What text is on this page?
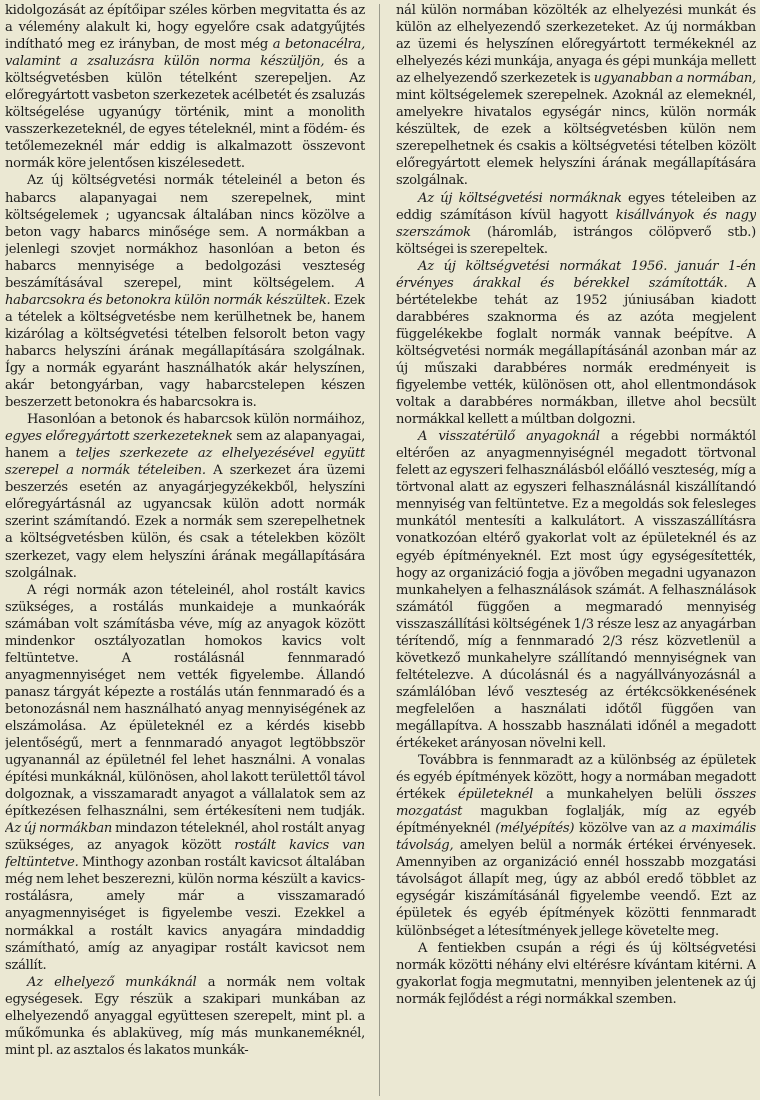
kidolgozását az építőipar széles körben megvitatta és az a vélemény alakult ki, hogy egyelőre csak adatgyűjtés indítható meg ez irányban, de most még a betonacélra, valamint a zsaluzásra külön norma készüljön, és a költségvetésben külön tételként szerepeljen. Az előregyártott vasbeton szerkezetek acélbetét és zsaluzás költségelése ugyanúgy történik, mint a monolith vasszerkezeteknél, de egyes tételeknél, mint a födém- és tetőlemezeknél már eddig is alkalmazott összevont normák köre jelentősen kiszélesedett.

Az új költségvetési normák tételeinél a beton és habarcs alapanyagai nem szerepelnek, mint költségelemek ; ugyancsak általában nincs közölve a beton vagy habarcs minősége sem. A normákban a jelenlegi szovjet normákhoz hasonlóan a beton és habarcs mennyisége a bedolgozási veszteség beszámításával szerepel, mint költségelem. A habarcsokra és betonokra külön normák készültek. Ezek a tételek a költségvetésbe nem kerülhetnek be, hanem kizárólag a költségvetési tételben felsorolt beton vagy habarcs helyszíni árának megállapítására szolgálnak. Így a normák egyaránt használhatók akár helyszínen, akár betongyárban, vagy habarcstelepen készen beszerzett betonokra és habarcsokra is.

Hasonlóan a betonok és habarcsok külön normáihoz, egyes előregyártott szerkezeteknek sem az alapanyagai, hanem a teljes szerkezete az elhelyezésével együtt szerepel a normák tételeiben. A szerkezet ára üzemi beszerzés esetén az anyagárjegyzékekből, helyszíni előregyártásnál az ugyancsak külön adott normák szerint számítandó. Ezek a normák sem szerepelhetnek a költségvetésben külön, és csak a tételekben közölt szerkezet, vagy elem helyszíni árának megállapítására szolgálnak.

A régi normák azon tételeinél, ahol rostált kavics szükséges, a rostálás munkaideje a munkaórák számában volt számításba véve, míg az anyagok között mindenkor osztályozatlan homokos kavics volt feltüntetve. A rostálásnál fennmaradó anyagmennyiséget nem vették figyelembe. Állandó panasz tárgyát képezte a rostálás után fennmaradó és a betonozásnál nem használható anyag mennyiségének az elszámolása. Az épületeknél ez a kérdés kisebb jelentőségű, mert a fennmaradó anyagot legtöbbször ugyanannál az épületnél fel lehet használni. A vonalas építési munkáknál, különösen, ahol lakott területtől távol dolgoznak, a visszamaradt anyagot a vállalatok sem az építkezésen felhasználni, sem értékesíteni nem tudják. Az új normákban mindazon tételeknél, ahol rostált anyag szükséges, az anyagok között rostált kavics van feltüntetve. Minthogy azonban rostált kavicsot általában még nem lehet beszerezni, külön norma készült a kavics-rostálásra, amely már a visszamaradó anyagmennyiséget is figyelembe veszi. Ezekkel a normákkal a rostált kavics anyagára mindaddig számítható, amíg az anyagipar rostált kavicsot nem szállít.

Az elhelyező munkáknál a normák nem voltak egységesek. Egy részük a szakipari munkában az elhelyezendő anyaggal együttesen szerepelt, mint pl. a műkőmunka és ablaküveg, míg más munkaneméknél, mint pl. az asztalos és lakatos munkák-

nál külön normában közölték az elhelyezési munkát és külön az elhelyezendő szerkezeteket. Az új normákban az üzemi és helyszínen előregyártott termékeknél az elhelyezés kézi munkája, anyaga és gépi munkája mellett az elhelyezendő szerkezetek is ugyanabban a normában, mint költségelemek szerepelnek. Azoknál az elemeknél, amelyekre hivatalos egységár nincs, külön normák készültek, de ezek a költségvetésben külön nem szerepelhetnek és csakis a költségvetési tételben közölt előregyártott elemek helyszíni árának megállapítására szolgálnak.

Az új költségvetési normáknak egyes tételeiben az eddig számításon kívül hagyott kisállványok és nagy szerszámok (háromláb, istrángos cölöpverő stb.) költségei is szerepeltek.

Az új költségvetési normákat 1956. január 1-én érvényes árakkal és bérekkel számították. A bértételekbe tehát az 1952 júniusában kiadott darabbéres szaknorma és az azóta megjelent függelékekbe foglalt normák vannak beépítve. A költségvetési normák megállapításánál azonban már az új műszaki darabbéres normák eredményeit is figyelembe vették, különösen ott, ahol ellentmondások voltak a darabbéres normákban, illetve ahol becsült normákkal kellett a múltban dolgozni.

A visszatérülő anyagoknál a régebbi normáktól eltérően az anyagmennyiségnél megadott törtvonal felett az egyszeri felhasználásból előálló veszteség, míg a törtvonal alatt az egyszeri felhasználásnál kiszállítandó mennyiség van feltüntetve. Ez a megoldás sok felesleges munkától mentesíti a kalkulátort. A visszaszállításra vonatkozóan eltérő gyakorlat volt az épületeknél és az egyéb építményeknél. Ezt most úgy egységesítették, hogy az organizáció fogja a jövőben megadni ugyanazon munkahelyen a felhasználások számát. A felhasználások számától függően a megmaradó mennyiség visszaszállítási költségének 1/3 része lesz az anyagárban térítendő, míg a fennmaradó 2/3 rész közvetlenül a következő munkahelyre szállítandó mennyiségnek van feltételezve. A dúcolásnál és a nagyállványozásnál a számlálóban lévő veszteség az értékcsökkenésének megfelelően a használati időtől függően van megállapítva. A hosszabb használati időnél a megadott értékeket arányosan növelni kell.

Továbbra is fennmaradt az a különbség az épületek és egyéb építmények között, hogy a normában megadott értékek épületeknél a munkahelyen belüli összes mozgatást magukban foglalják, míg az egyéb építményeknél (mélyépítés) közölve van az a maximális távolság, amelyen belül a normák értékei érvényesek. Amennyiben az organizáció ennél hosszabb mozgatási távolságot állapít meg, úgy az abból eredő többlet az egységár kiszámításánál figyelembe veendő. Ezt az épületek és egyéb építmények közötti fennmaradt különbséget a létesítmények jellege követelte meg.

A fentiekben csupán a régi és új költségvetési normák közötti néhány elvi eltérésre kívántam kitérni. A gyakorlat fogja megmutatni, mennyiben jelentenek az új normák fejlődést a régi normákkal szemben.
